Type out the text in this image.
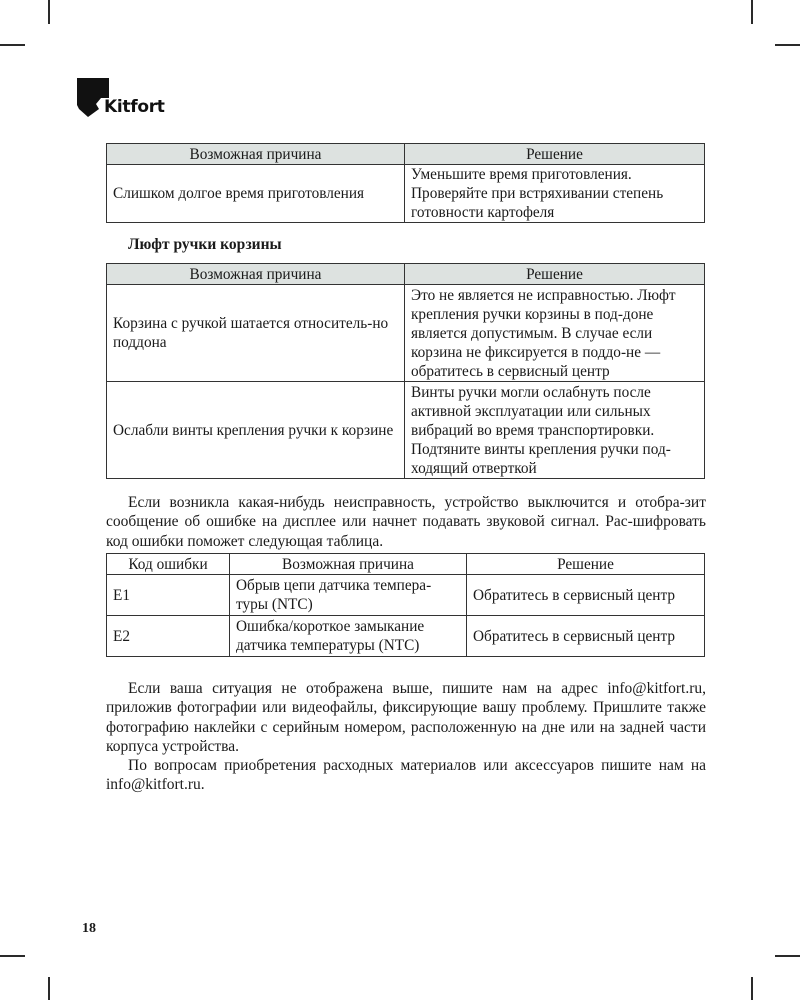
Kitfort
Возможная причина	Решение
Слишком долгое время приготовления	Уменьшите время приготовления. Проверяйте при встряхивании степень готовности картофеля
Люфт ручки корзины
Возможная причина	Решение
Корзина с ручкой шатается относитель-но поддона	Это не является не исправностью. Люфт крепления ручки корзины в под-доне является допустимым. В случае если корзина не фиксируется в поддо-не — обратитесь в сервисный центр
Ослабли винты крепления ручки к корзине	Винты ручки могли ослабнуть после активной эксплуатации или сильных вибраций во время транспортировки. Подтяните винты крепления ручки под-ходящий отверткой

Если возникла какая-нибудь неисправность, устройство выключится и отобра-зит сообщение об ошибке на дисплее или начнет подавать звуковой сигнал. Рас-шифровать код ошибки поможет следующая таблица.

Код ошибки	Возможная причина	Решение
E1	Обрыв цепи датчика темпера-туры (NTC)	Обратитесь в сервисный центр
E2	Ошибка/короткое замыкание датчика температуры (NTC)	Обратитесь в сервисный центр

Если ваша ситуация не отображена выше, пишите нам на адрес info@kitfort.ru, приложив фотографии или видеофайлы, фиксирующие вашу проблему. Пришлите также фотографию наклейки с серийным номером, расположенную на дне или на задней части корпуса устройства.

По вопросам приобретения расходных материалов или аксессуаров пишите нам на info@kitfort.ru.

18
